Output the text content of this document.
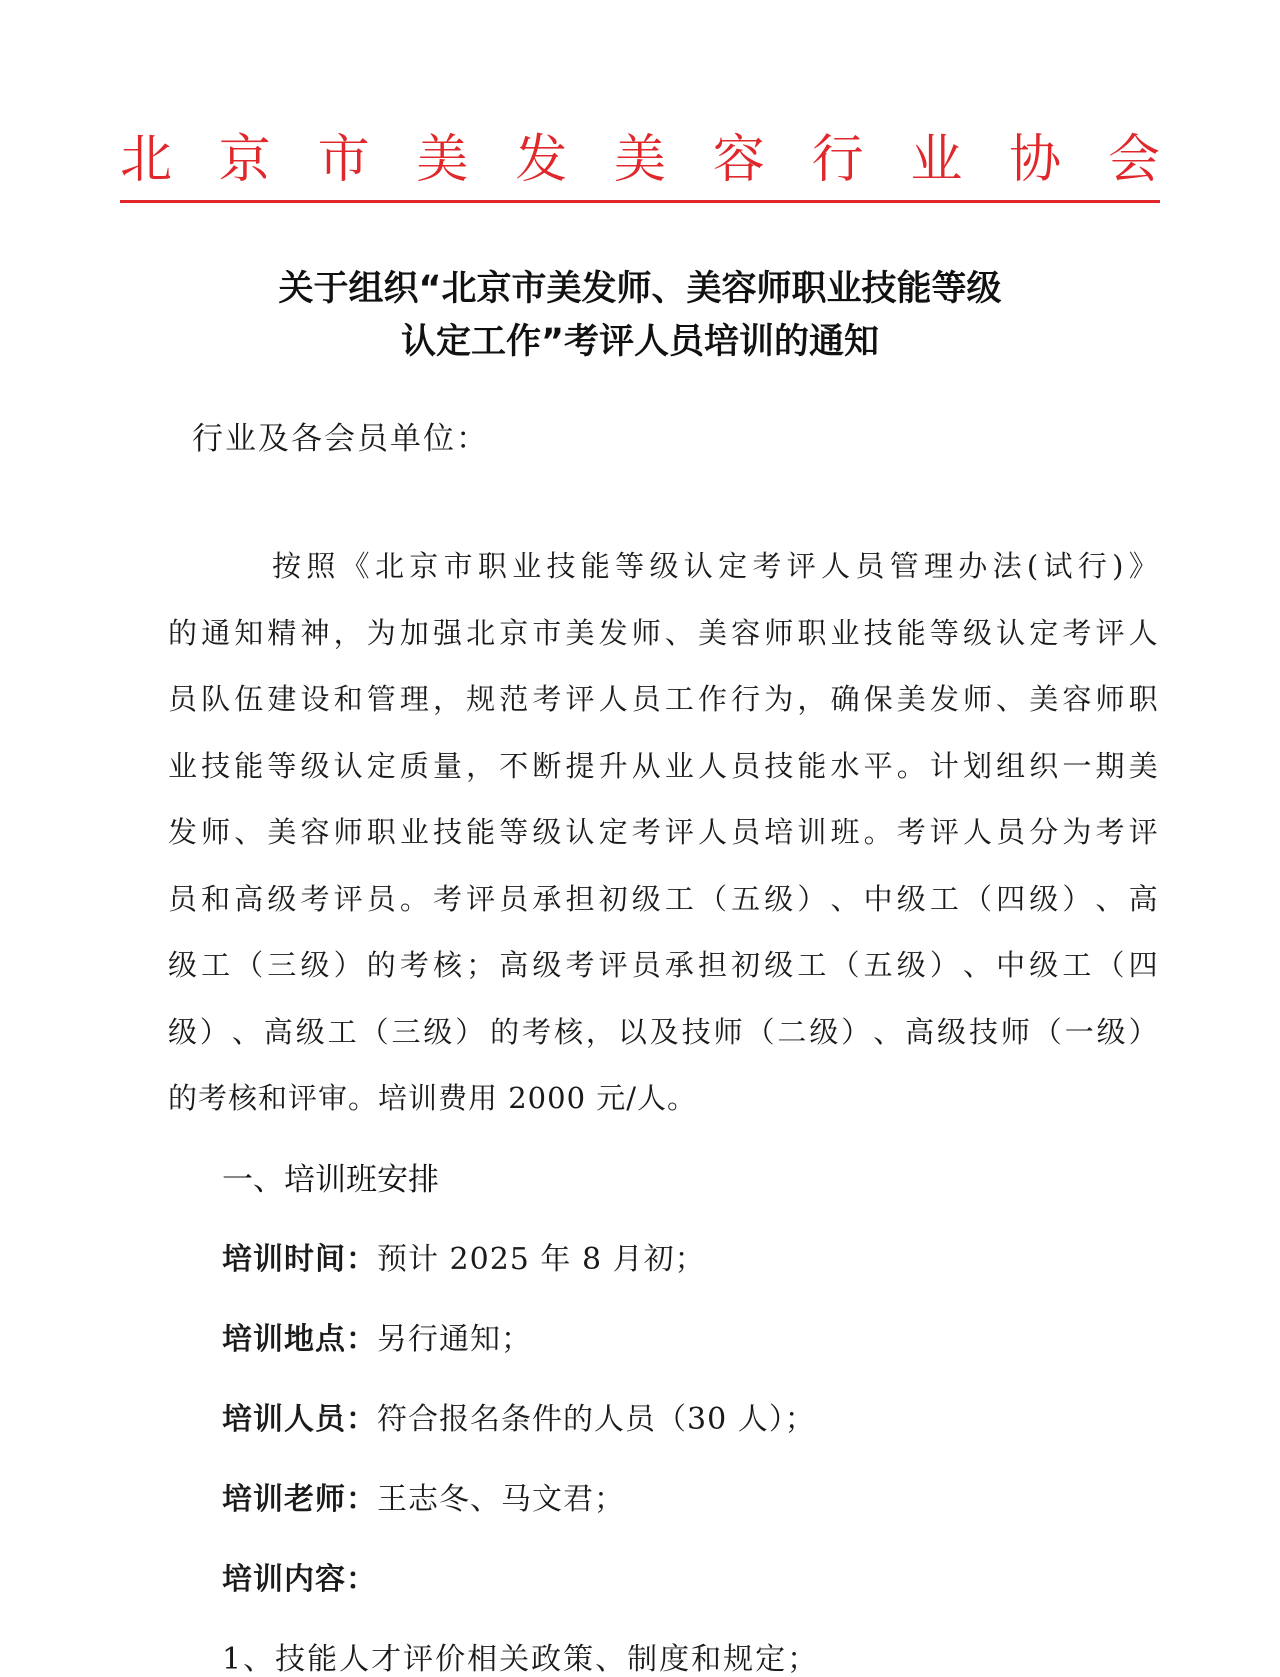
北 京 市 美 发 美 容 行 业 协 会
关于组织“北京市美发师、美容师职业技能等级
认定工作”考评人员培训的通知
行业及各会员单位：
按 照 《 北 京 市 职 业 技 能 等 级 认 定 考 评 人 员 管 理 办 法 ( 试 行 ) 》
的 通 知 精 神 ， 为 加 强 北 京 市 美 发 师 、 美 容 师 职 业 技 能 等 级 认 定 考 评 人
员 队 伍 建 设 和 管 理 ， 规 范 考 评 人 员 工 作 行 为 ， 确 保 美 发 师 、 美 容 师 职
业 技 能 等 级 认 定 质 量 ， 不 断 提 升 从 业 人 员 技 能 水 平 。 计 划 组 织 一 期 美
发 师 、 美 容 师 职 业 技 能 等 级 认 定 考 评 人 员 培 训 班 。 考 评 人 员 分 为 考 评
员 和 高 级 考 评 员 。 考 评 员 承 担 初 级 工 （ 五 级 ） 、 中 级 工 （ 四 级 ） 、 高
级 工 （ 三 级 ） 的 考 核 ； 高 级 考 评 员 承 担 初 级 工 （ 五 级 ） 、 中 级 工 （ 四
级 ） 、 高 级 工 （ 三 级 ） 的 考 核 ， 以 及 技 师 （ 二 级 ） 、 高 级 技 师 （ 一 级 ）
的考核和评审。培训费用 2000 元/人。
一、培训班安排
培训时间：预计 2025 年 8 月初；
培训地点：另行通知；
培训人员：符合报名条件的人员（30 人）；
培训老师：王志冬、马文君；
培训内容：
1、技能人才评价相关政策、制度和规定；
